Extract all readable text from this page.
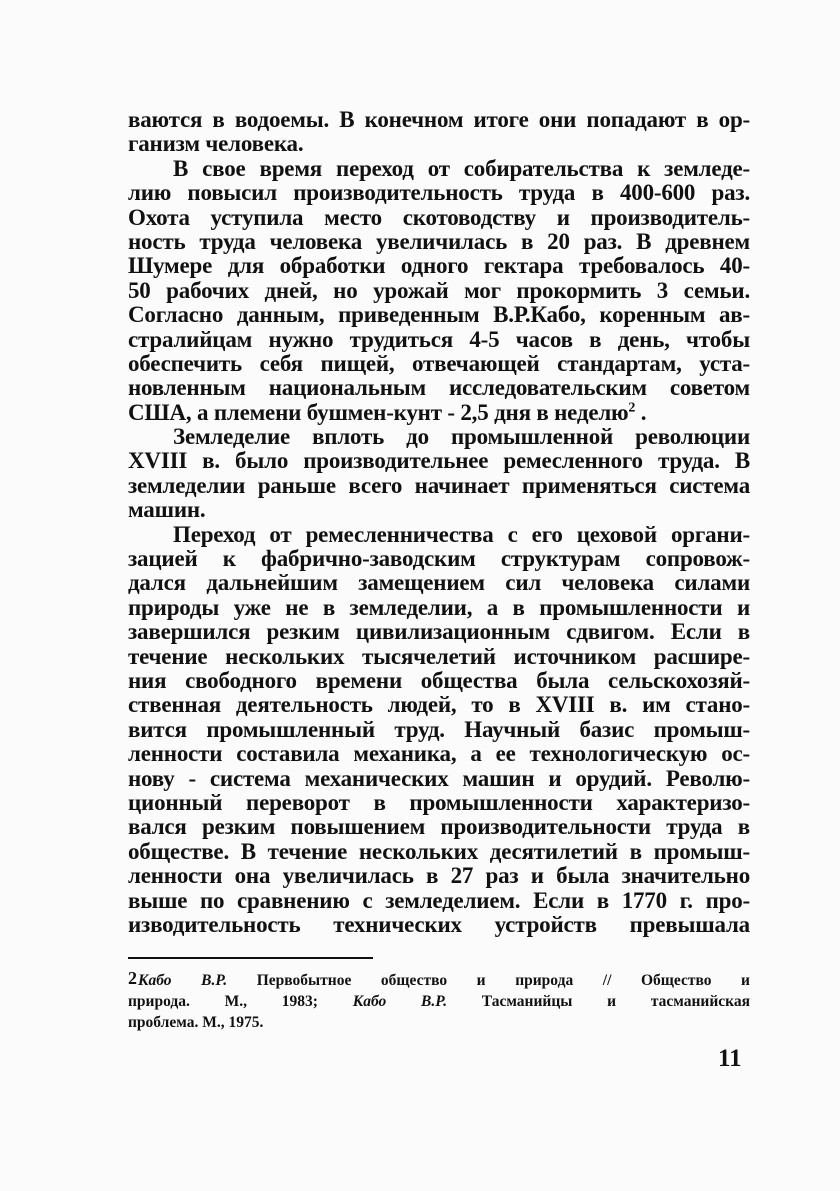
ваются в водоемы. В конечном итоге они попадают в ор-
ганизм человека.
В свое время переход от собирательства к земледе-
лию повысил производительность труда в 400-600 раз.
Охота уступила место скотоводству и производитель-
ность труда человека увеличилась в 20 раз. В древнем
Шумере для обработки одного гектара требовалось 40-
50 рабочих дней, но урожай мог прокормить 3 семьи.
Согласно данным, приведенным В.Р.Кабо, коренным ав-
стралийцам нужно трудиться 4-5 часов в день, чтобы
обеспечить себя пищей, отвечающей стандартам, уста-
новленным национальным исследовательским советом
США, а племени бушмен-кунт - 2,5 дня в неделю$^2$ .
Земледелие вплоть до промышленной революции
XVIII в. было производительнее ремесленного труда. В
земледелии раньше всего начинает применяться система
машин.
Переход от ремесленничества с его цеховой органи-
зацией к фабрично-заводским структурам сопровож-
дался дальнейшим замещением сил человека силами
природы уже не в земледелии, а в промышленности и
завершился резким цивилизационным сдвигом. Если в
течение нескольких тысячелетий источником расшире-
ния свободного времени общества была сельскохозяй-
ственная деятельность людей, то в XVIII в. им стано-
вится промышленный труд. Научный базис промыш-
ленности составила механика, а ее технологическую ос-
нову - система механических машин и орудий. Револю-
ционный переворот в промышленности характеризо-
вался резким повышением производительности труда в
обществе. В течение нескольких десятилетий в промыш-
ленности она увеличилась в 27 раз и была значительно
выше по сравнению с земледелием. Если в 1770 г. про-
изводительность технических устройств превышала
2 Кабо В.Р. Первобытное общество и природа // Общество и
природа. М., 1983; Кабо В.Р. Тасманийцы и тасманийская
проблема. М., 1975.
11
